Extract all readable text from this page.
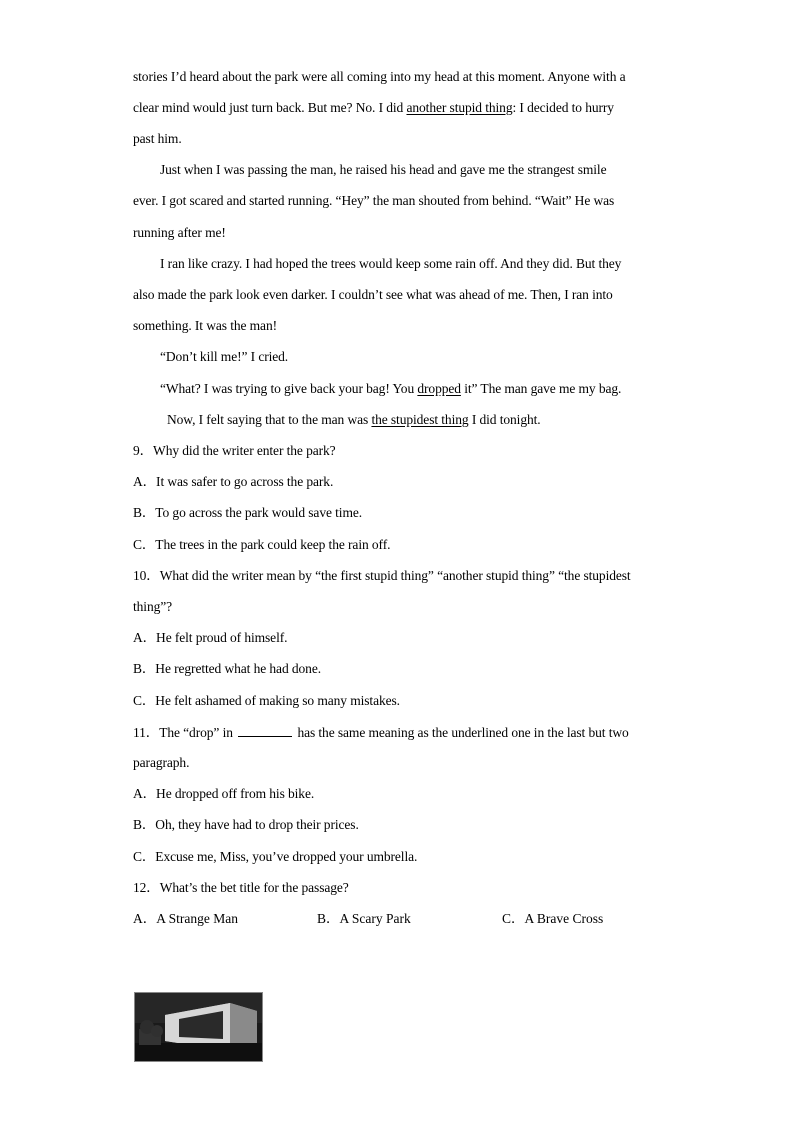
stories I’d heard about the park were all coming into my head at this moment. Anyone with a
clear mind would just turn back. But me? No. I did another stupid thing: I decided to hurry
past him.
Just when I was passing the man, he raised his head and gave me the strangest smile
ever. I got scared and started running. “Hey” the man shouted from behind. “Wait” He was
running after me!
I ran like crazy. I had hoped the trees would keep some rain off. And they did. But they
also made the park look even darker. I couldn’t see what was ahead of me. Then, I ran into
something. It was the man!
“Don’t kill me!” I cried.
“What? I was trying to give back your bag! You dropped it” The man gave me my bag.
Now, I felt saying that to the man was the stupidest thing I did tonight.
9．Why did the writer enter the park?
A．It was safer to go across the park.
B．To go across the park would save time.
C．The trees in the park could keep the rain off.
10．What did the writer mean by “the first stupid thing” “another stupid thing” “the stupidest
thing”?
A．He felt proud of himself.
B．He regretted what he had done.
C．He felt ashamed of making so many mistakes.
11．The “drop” in	has the same meaning as the underlined one in the last but two
paragraph.
A．He dropped off from his bike.
B．Oh, they have had to drop their prices.
C．Excuse me, Miss, you’ve dropped your umbrella.
12．What’s the bet title for the passage?
A．A Strange Man	B．A Scary Park	C．A Brave Cross
